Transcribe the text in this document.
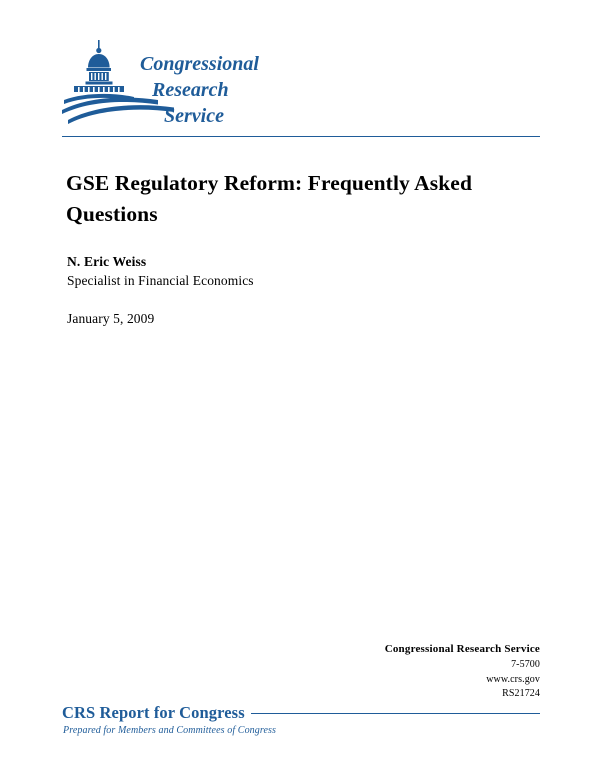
Congressional
Research
Service
GSE Regulatory Reform: Frequently Asked Questions
N. Eric Weiss
Specialist in Financial Economics
January 5, 2009
Congressional Research Service
7-5700
www.crs.gov
RS21724
CRS Report for Congress
Prepared for Members and Committees of Congress
